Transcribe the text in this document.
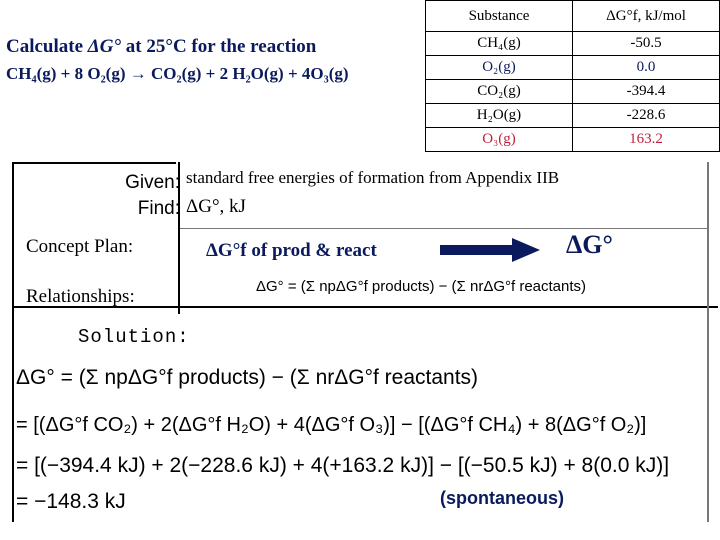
Calculate ΔG° at 25°C for the reaction
CH₄(g) + 8 O₂(g) → CO₂(g) + 2 H₂O(g) + 4O₃(g)
Substance	ΔG°f, kJ/mol
CH₄(g)	-50.5
O₂(g)	0.0
CO₂(g)	-394.4
H₂O(g)	-228.6
O₃(g)	163.2
Given: standard free energies of formation from Appendix IIB
Find: ΔG°, kJ
Concept Plan:	ΔG°f of prod & react	ΔG°
Relationships:	ΔG° = (Σ npΔG°f products) − (Σ nrΔG°f reactants)
Solution:
ΔG° = (Σ npΔG°f products) − (Σ nrΔG°f reactants)
= [(ΔG°f CO₂) + 2(ΔG°f H₂O) + 4(ΔG°f O₃)] − [(ΔG°f CH₄) + 8(ΔG°f O₂)]
= [(−394.4 kJ) + 2(−228.6 kJ) + 4(+163.2 kJ)] − [(−50.5 kJ) + 8(0.0 kJ)]
= −148.3 kJ	(spontaneous)
